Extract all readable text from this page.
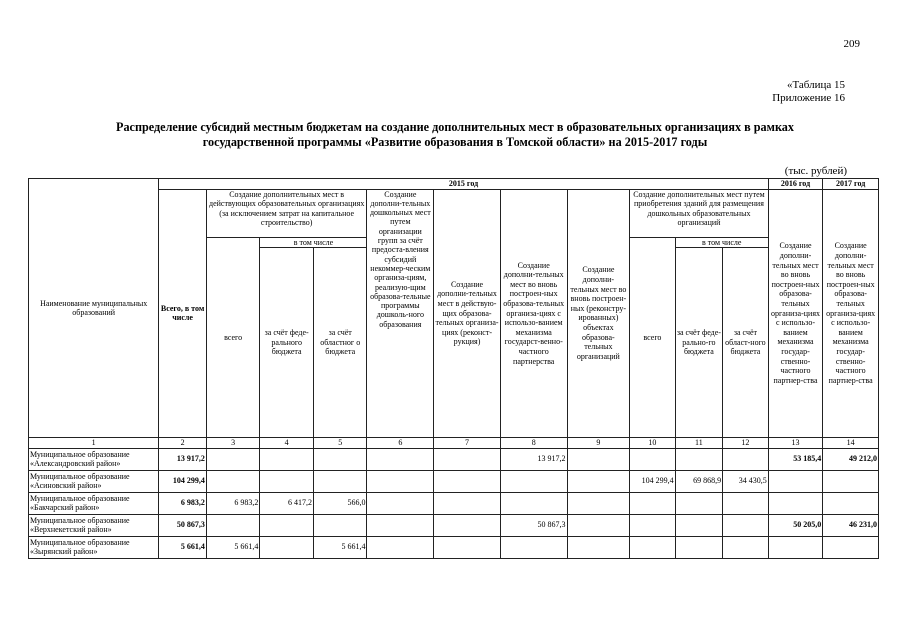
209
«Таблица 15
Приложение 16
Распределение субсидий местным бюджетам на создание дополнительных мест в образовательных организациях в рамках
государственной программы «Развитие образования в Томской области» на 2015-2017 годы
(тыс. рублей)
Наименование муниципальных образований	2015 год											2016 год	2017 год
	Всего, в том числе	Создание дополнительных мест в действующих образовательных организациях (за исключением затрат на капитальное строительство)			Создание дополни-тельных дошкольных мест путем организации групп за счёт предоста-вления субсидий некоммер-ческим организа-циям, реализую-щим образова-тельные программы дошколь-ного образования	Создание дополни-тельных мест в действую-щих образова-тельных организа-циях (реконст-рукция)	Создание дополни-тельных мест во вновь построен-ных образова-тельных организа-циях с использо-ванием механизма государст-венно-частного партнерства	Создание дополни-тельных мест во вновь построен-ных (реконстру-ированных) объектах образова-тельных организаций	Создание дополнительных мест путем приобретения зданий для размещения дошкольных образовательных организаций			Создание дополни-тельных мест во вновь построен-ных образова-тельных организа-циях с использо-ванием механизма государ-ственно-частного партнер-ства	Создание дополни-тельных мест во вновь построен-ных образова-тельных организа-циях с использо-ванием механизма государ-ственно-частного партнер-ства
		всего	в том числе						всего	в том числе			
			за счёт феде-рального бюджета	за счёт областног о бюджета						за счёт феде-рально-го бюджета	за счёт област-ного бюджета		
1	2	3	4	5	6	7	8	9	10	11	12	13	14
Муниципальное образование «Александровский район»	13 917,2						13 917,2					53 185,4	49 212,0
Муниципальное образование «Асиновский район»	104 299,4								104 299,4	69 868,9	34 430,5		
Муниципальное образование «Бакчарский район»	6 983,2	6 983,2	6 417,2	566,0									
Муниципальное образование «Верхнекетский район»	50 867,3						50 867,3					50 205,0	46 231,0
Муниципальное образование «Зырянский район»	5 661,4	5 661,4		5 661,4									
